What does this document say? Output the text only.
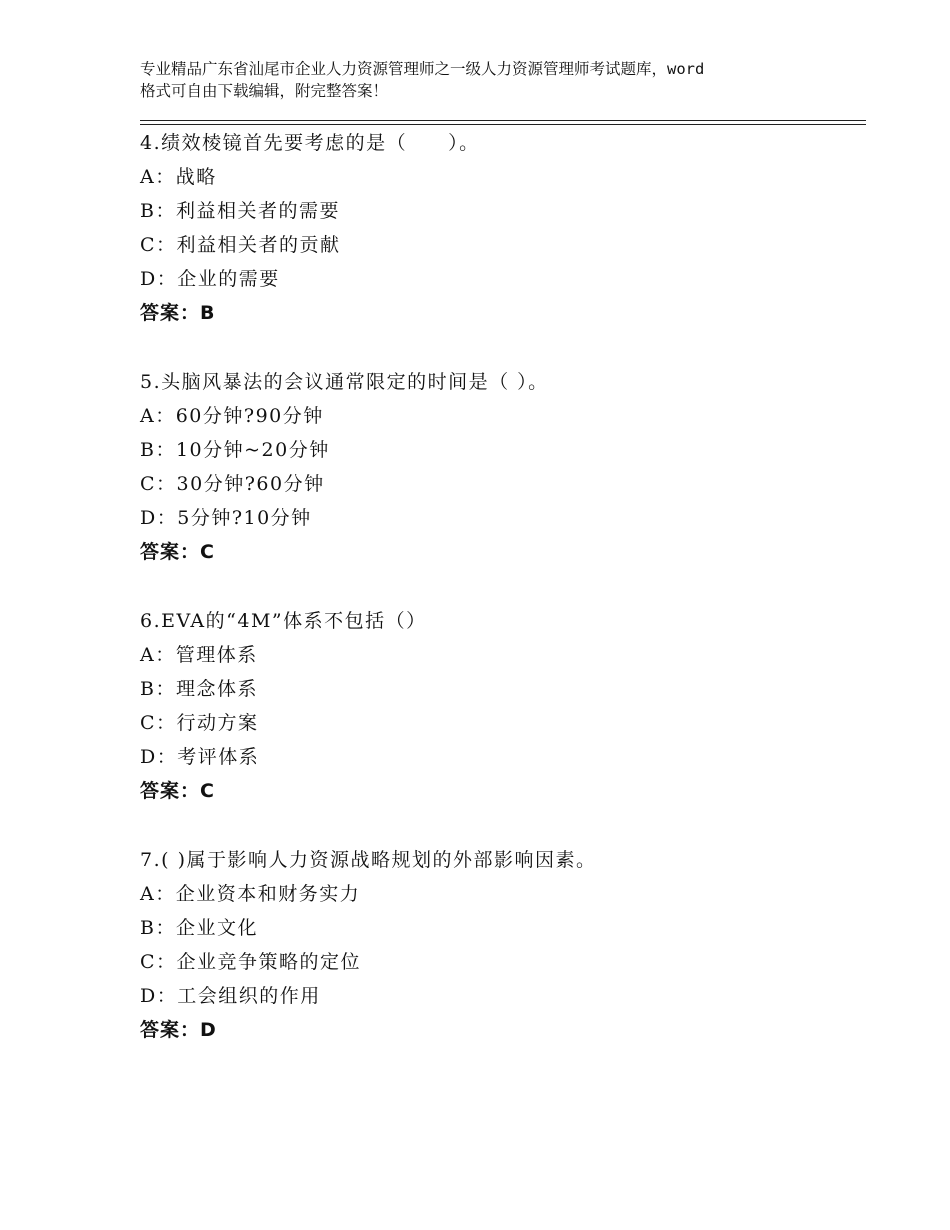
专业精品广东省汕尾市企业人力资源管理师之一级人力资源管理师考试题库，word
格式可自由下载编辑，附完整答案！
4.绩效棱镜首先要考虑的是（　　）。
A：战略
B：利益相关者的需要
C：利益相关者的贡献
D：企业的需要
答案：B
5.头脑风暴法的会议通常限定的时间是（ ）。
A：60分钟?90分钟
B：10分钟~20分钟
C：30分钟?60分钟
D：5分钟?10分钟
答案：C
6.EVA的“4M”体系不包括（）
A：管理体系
B：理念体系
C：行动方案
D：考评体系
答案：C
7.( )属于影响人力资源战略规划的外部影响因素。
A：企业资本和财务实力
B：企业文化
C：企业竞争策略的定位
D：工会组织的作用
答案：D
